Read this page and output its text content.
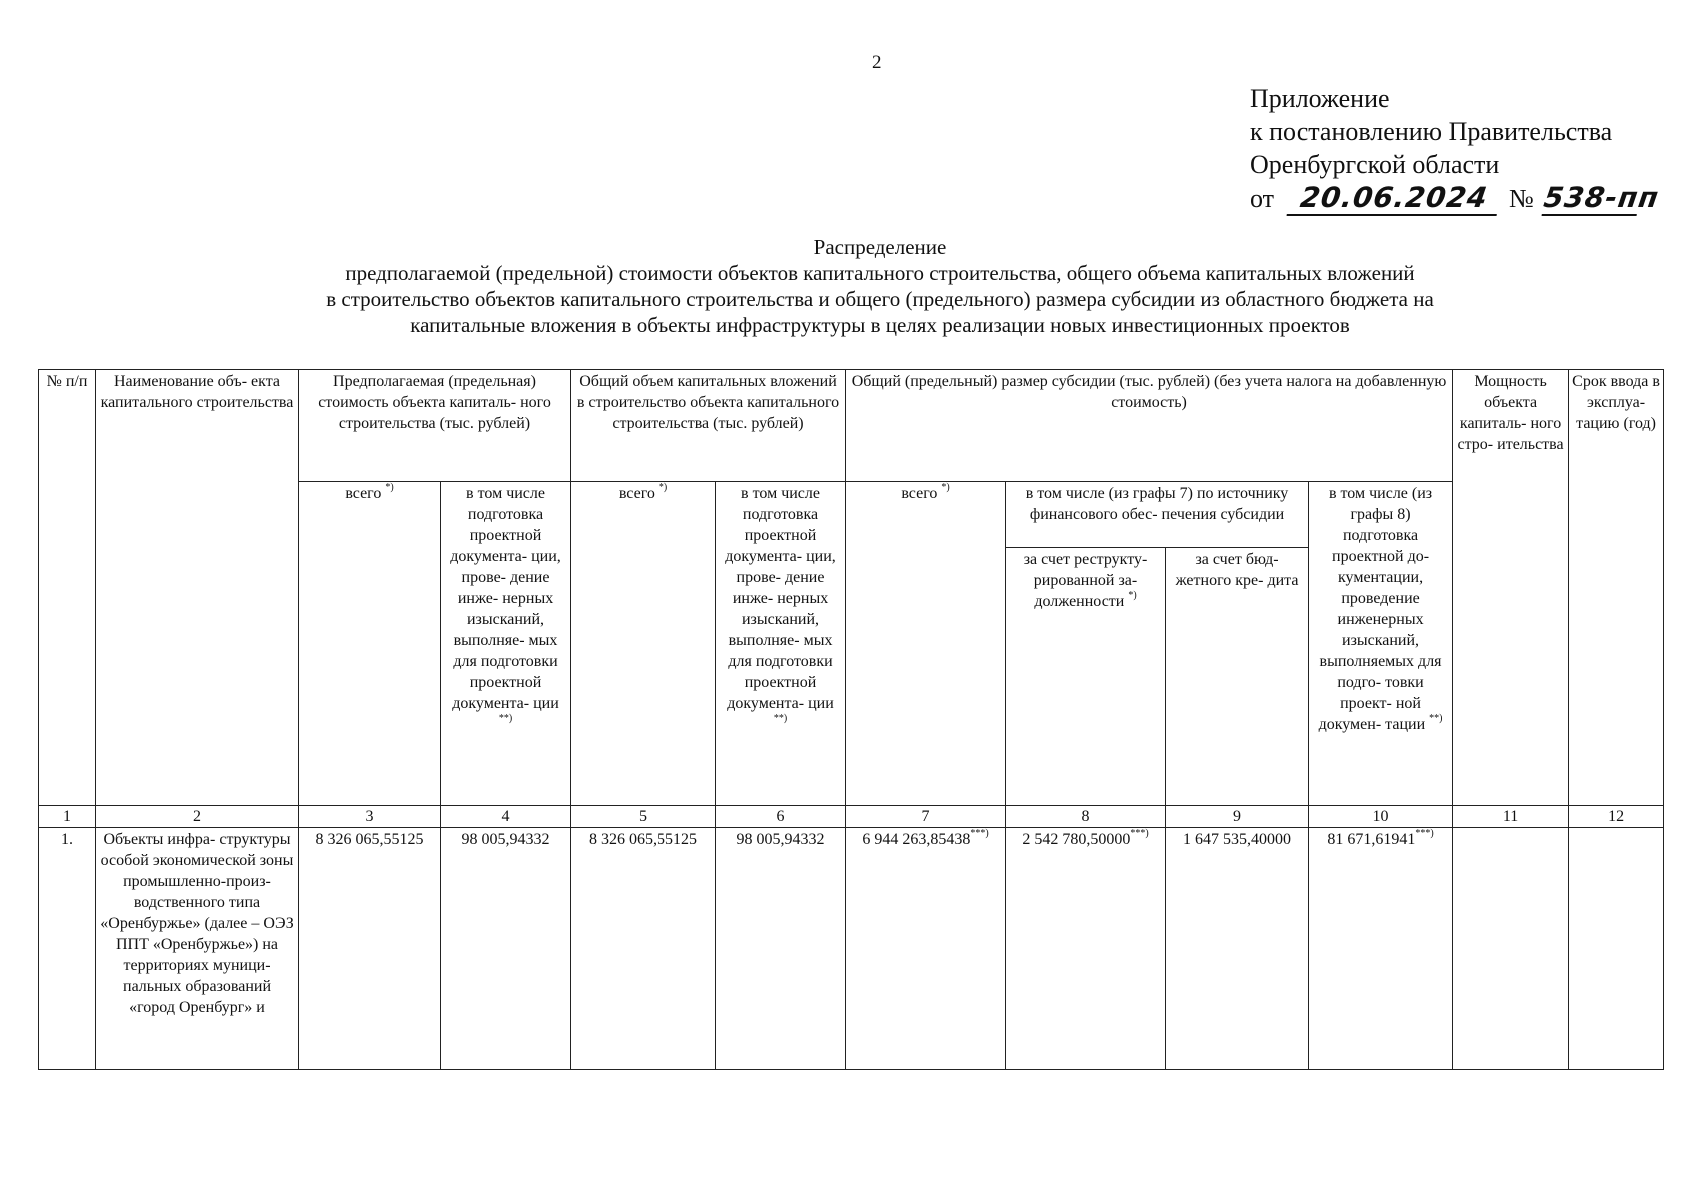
2
Приложение
к постановлению Правительства
Оренбургской области
от 20.06.2024 № 538-пп
Распределение
предполагаемой (предельной) стоимости объектов капитального строительства, общего объема капитальных вложений
в строительство объектов капитального строительства и общего (предельного) размера субсидии из областного бюджета на
капитальные вложения в объекты инфраструктуры в целях реализации новых инвестиционных проектов
№ п/п	Наименование объ- екта капитального строительства	Предполагаемая (предельная) стоимость объекта капиталь- ного строительства (тыс. рублей)		Общий объем капитальных вложений в строительство объекта капитального строительства (тыс. рублей)		Общий (предельный) размер субсидии (тыс. рублей) (без учета налога на добавленную стоимость)				Мощность объекта капиталь- ного стро- ительства	Срок ввода в эксплуа- тацию (год)
		всего *)	в том числе подготовка проектной документа- ции, прове- дение инже- нерных изысканий, выполняе- мых для подготовки проектной документа- ции **)	всего *)	в том числе подготовка проектной документа- ции, прове- дение инже- нерных изысканий, выполняе- мых для подготовки проектной документа- ции **)	всего *)	в том числе (из графы 7) по источнику финансового обес- печения субсидии		в том числе (из графы 8) подготовка проектной до- кументации, проведение инженерных изысканий, выполняемых для подго- товки проект- ной докумен- тации **)
							за счет реструкту- рированной за- долженности *)	за счет бюд- жетного кре- дита			
1	2	3	4	5	6	7	8	9	10	11	12
1.	Объекты инфра- структуры особой экономической зоны промышленно-произ- водственного типа «Оренбуржье» (далее – ОЭЗ ППТ «Оренбуржье») на территориях муници- пальных образований «город Оренбург» и	8 326 065,55125	98 005,94332	8 326 065,55125	98 005,94332	6 944 263,85438***)	2 542 780,50000***)	1 647 535,40000	81 671,61941***)		
